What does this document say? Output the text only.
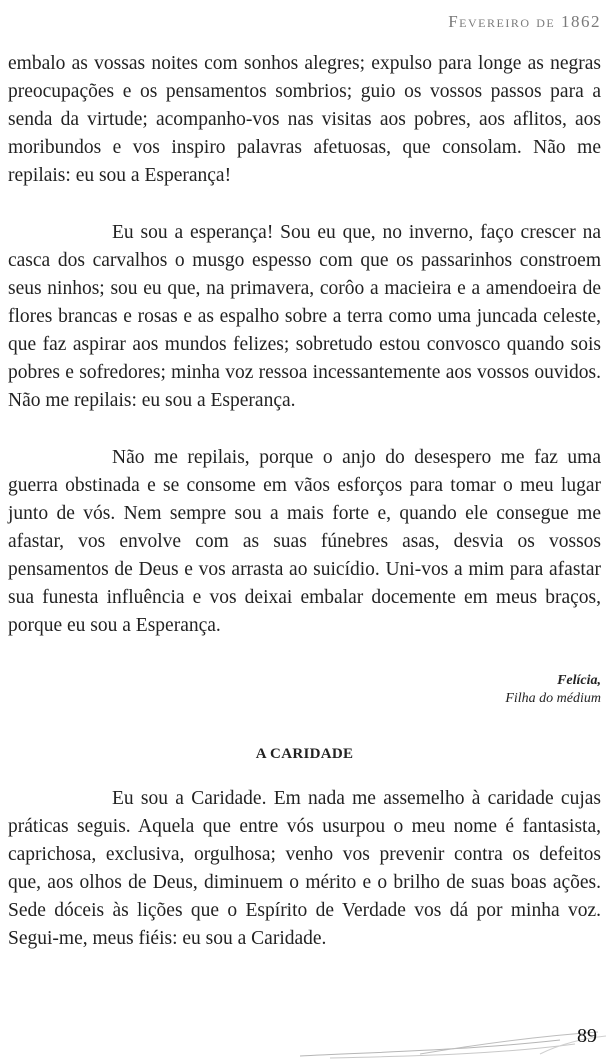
Fevereiro de 1862

embalo as vossas noites com sonhos alegres; expulso para longe as negras preocupações e os pensamentos sombrios; guio os vossos passos para a senda da virtude; acompanho-vos nas visitas aos pobres, aos aflitos, aos moribundos e vos inspiro palavras afetuosas, que consolam. Não me repilais: eu sou a Esperança!

Eu sou a esperança! Sou eu que, no inverno, faço crescer na casca dos carvalhos o musgo espesso com que os passarinhos constroem seus ninhos; sou eu que, na primavera, corôo a macieira e a amendoeira de flores brancas e rosas e as espalho sobre a terra como uma juncada celeste, que faz aspirar aos mundos felizes; sobretudo estou convosco quando sois pobres e sofredores; minha voz ressoa incessantemente aos vossos ouvidos. Não me repilais: eu sou a Esperança.

Não me repilais, porque o anjo do desespero me faz uma guerra obstinada e se consome em vãos esforços para tomar o meu lugar junto de vós. Nem sempre sou a mais forte e, quando ele consegue me afastar, vos envolve com as suas fúnebres asas, desvia os vossos pensamentos de Deus e vos arrasta ao suicídio. Uni-vos a mim para afastar sua funesta influência e vos deixai embalar docemente em meus braços, porque eu sou a Esperança.

Felícia,
Filha do médium
A CARIDADE

Eu sou a Caridade. Em nada me assemelho à caridade cujas práticas seguis. Aquela que entre vós usurpou o meu nome é fantasista, caprichosa, exclusiva, orgulhosa; venho vos prevenir contra os defeitos que, aos olhos de Deus, diminuem o mérito e o brilho de suas boas ações. Sede dóceis às lições que o Espírito de Verdade vos dá por minha voz. Segui-me, meus fiéis: eu sou a Caridade.

89
